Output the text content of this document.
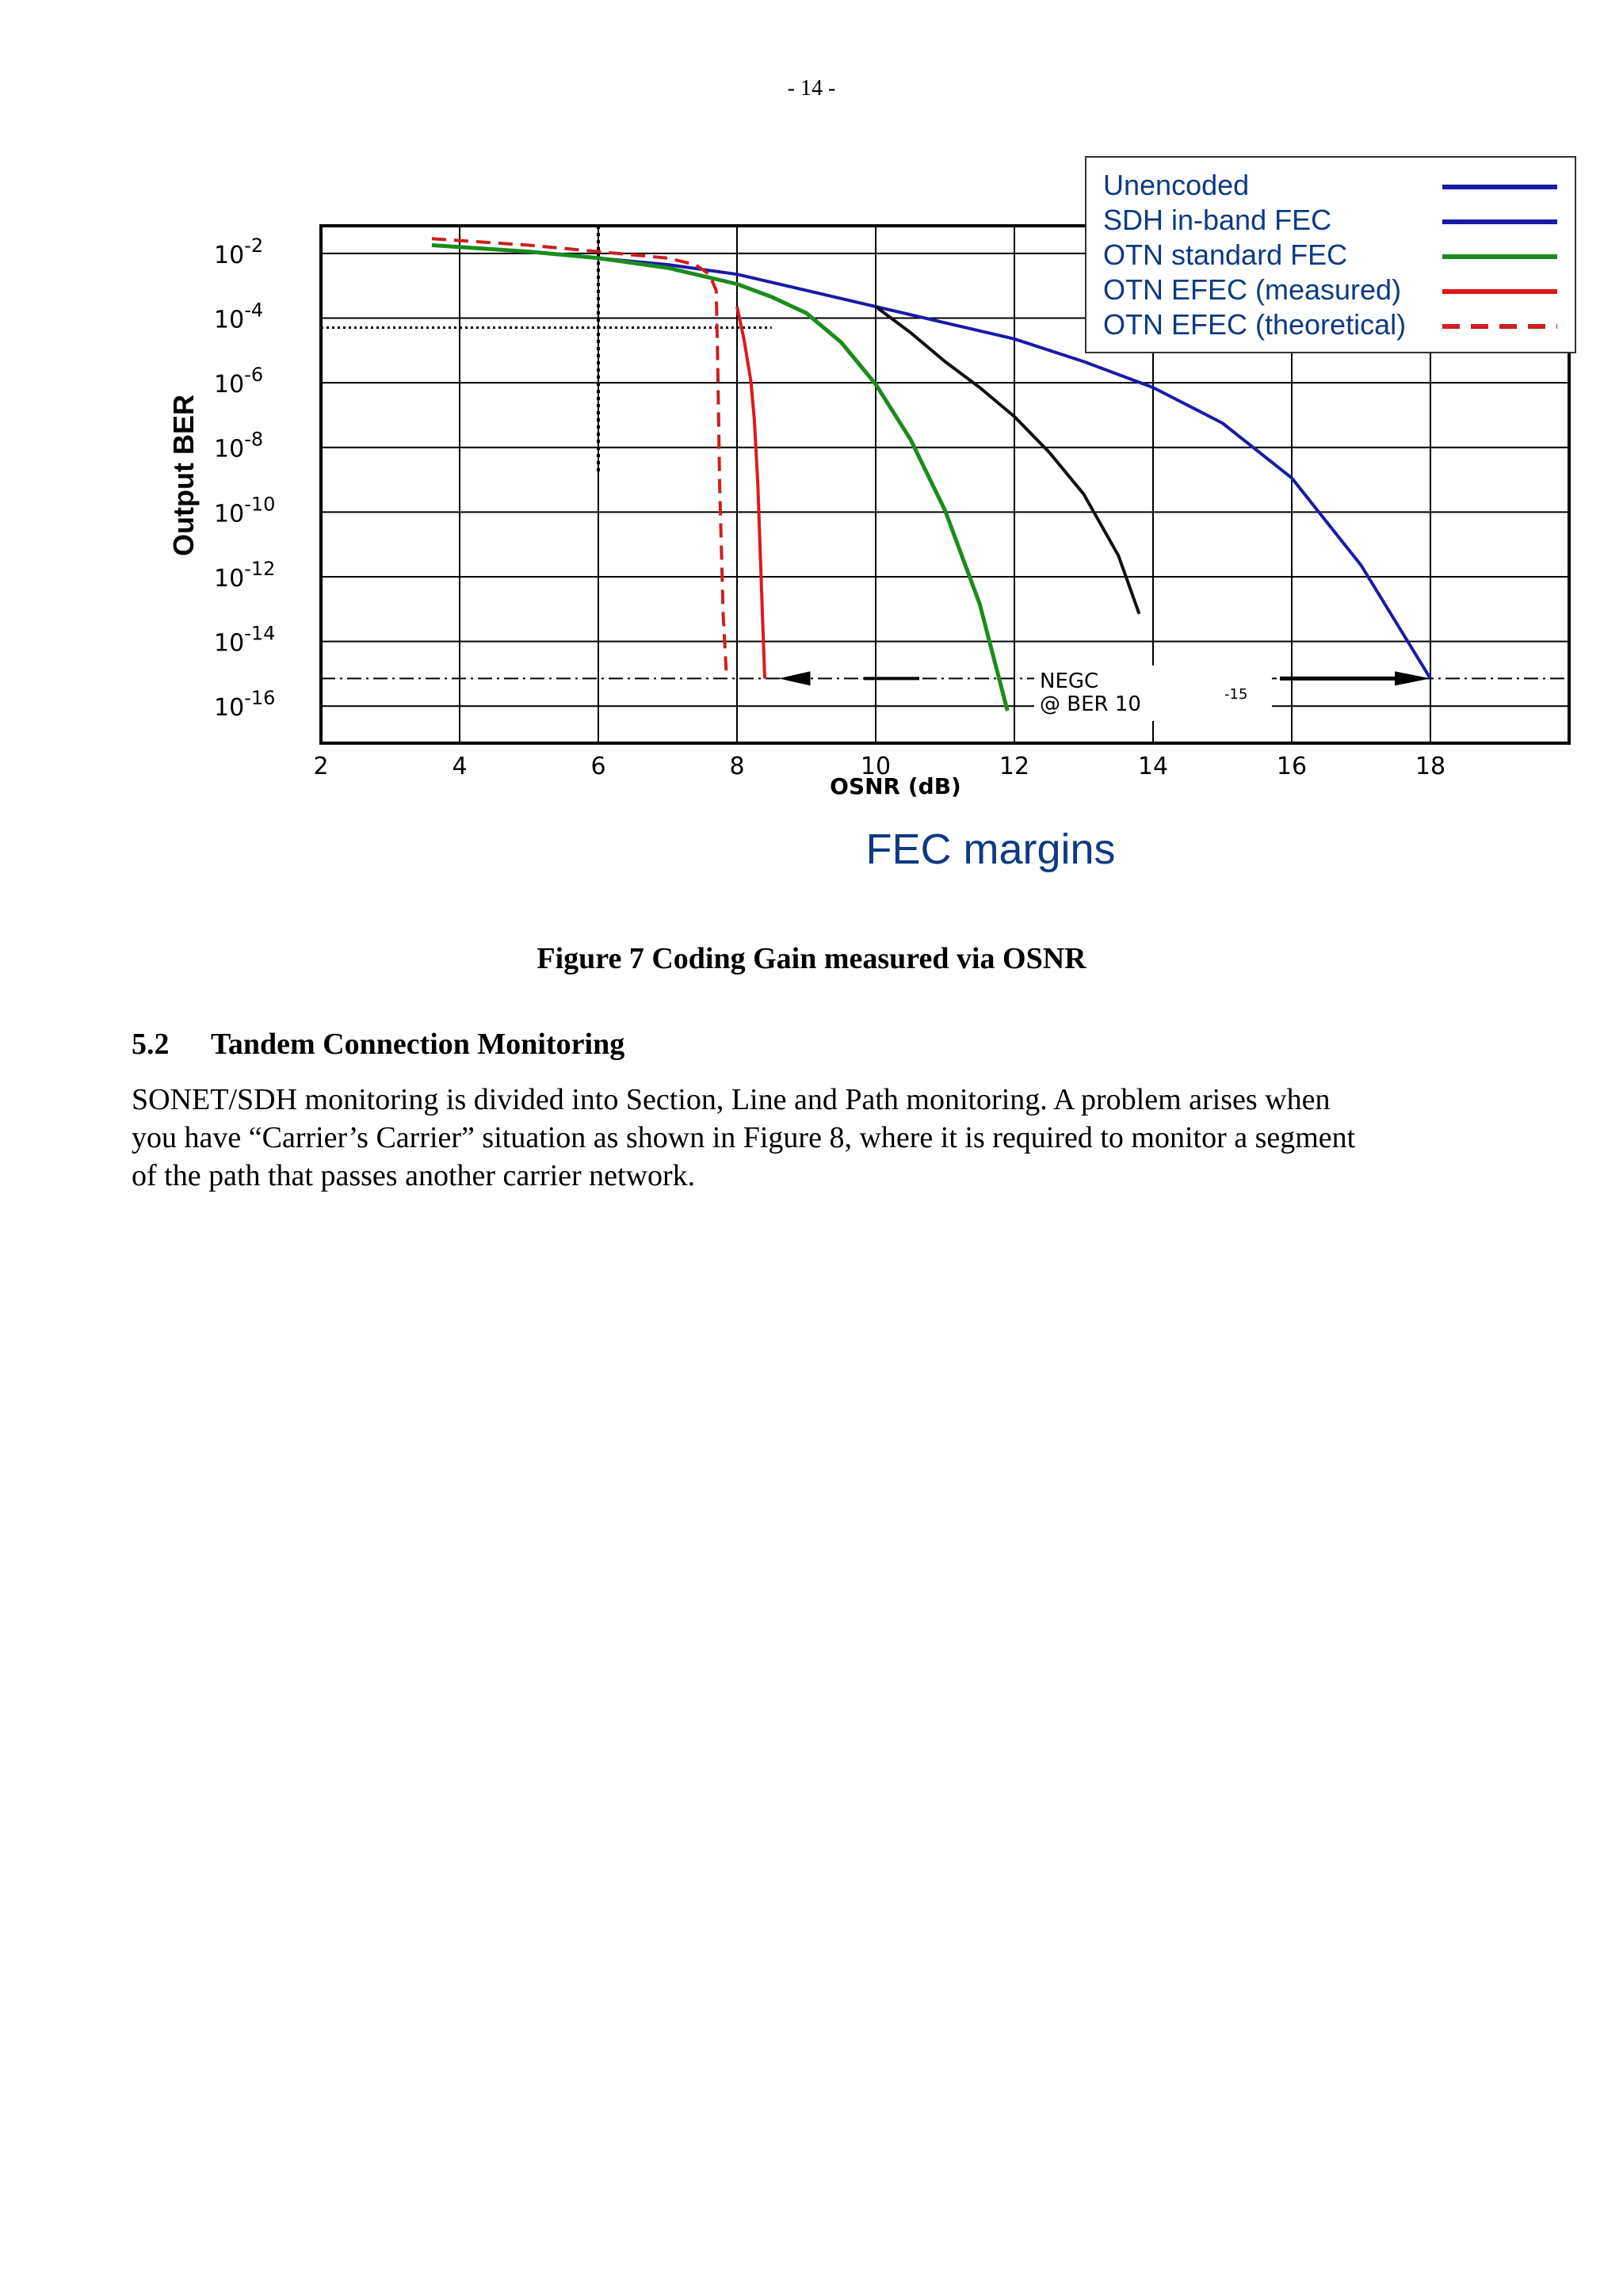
- 14 -
$10^{-2}$
$10^{-4}$
$10^{-6}$
$10^{-8}$
$10^{-10}$
$10^{-12}$
$10^{-14}$
$10^{-16}$
2	4	6	8	10	12	14	16	18
NEGC
@ BER 10	-15
OSNR (dB)
Output BER
Unencoded
SDH in-band FEC
OTN standard FEC
OTN EFEC (measured)
OTN EFEC (theoretical)
FEC margins
Figure 7 Coding Gain measured via OSNR
5.2 Tandem Connection Monitoring

SONET/SDH monitoring is divided into Section, Line and Path monitoring. A problem arises when

you have “Carrier’s Carrier” situation as shown in Figure 8, where it is required to monitor a segment

of the path that passes another carrier network.
